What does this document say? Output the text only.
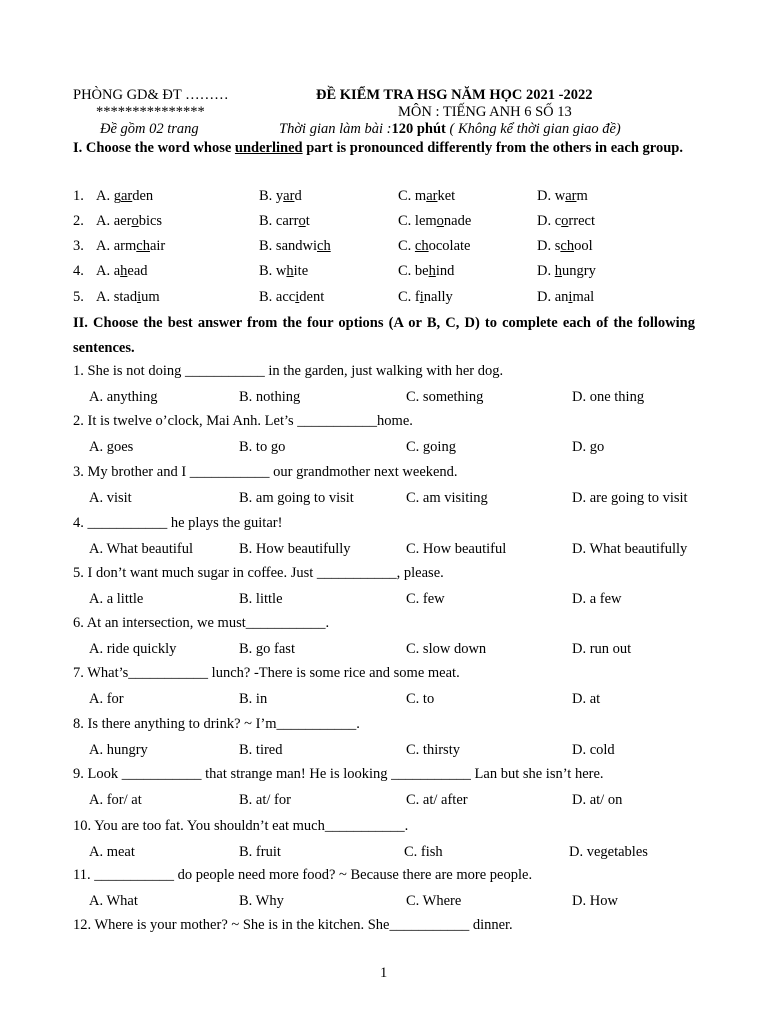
PHÒNG GD& ĐT ………	ĐỀ KIỂM TRA HSG NĂM HỌC 2021 -2022
***************	MÔN : TIẾNG ANH 6 SỐ 13
Đề gồm 02 trang	Thời gian làm bài :120 phút ( Không kể thời gian giao đề)
I. Choose the word whose underlined part is pronounced differently from the others in each group.
1. A. garden	B. yard	C. market	D. warm
2. A. aerobics	B. carrot	C. lemonade	D. correct
3. A. armchair	B. sandwich	C. chocolate	D. school
4. A. ahead	B. white	C. behind	D. hungry
5. A. stadium	B. accident	C. finally	D. animal
II. Choose the best answer from the four options (A or B, C, D) to complete each of the following sentences.
1. She is not doing ___________ in the garden, just walking with her dog.
A. anything	B. nothing	C. something	D. one thing
2. It is twelve o’clock, Mai Anh. Let’s ___________home.
A. goes	B. to go	C. going	D. go
3. My brother and I ___________ our grandmother next weekend.
A. visit	B. am going to visit	C. am visiting	D. are going to visit
4. ___________ he plays the guitar!
A. What beautiful	B. How beautifully	C. How beautiful	D. What beautifully
5. I don’t want much sugar in coffee. Just ___________, please.
A. a little	B. little	C. few	D. a few
6. At an intersection, we must___________.
A. ride quickly	B. go fast	C. slow down	D. run out
7. What’s___________ lunch? -There is some rice and some meat.
A. for	B. in	C. to	D. at
8. Is there anything to drink? ~ I’m___________.
A. hungry	B. tired	C. thirsty	D. cold
9. Look ___________ that strange man! He is looking ___________ Lan but she isn’t here.
A. for/ at	B. at/ for	C. at/ after	D. at/ on
10. You are too fat. You shouldn’t eat much___________.
A. meat	B. fruit	C. fish	D. vegetables
11. ___________ do people need more food? ~ Because there are more people.
A. What	B. Why	C. Where	D. How
12. Where is your mother? ~ She is in the kitchen. She___________ dinner.
1
